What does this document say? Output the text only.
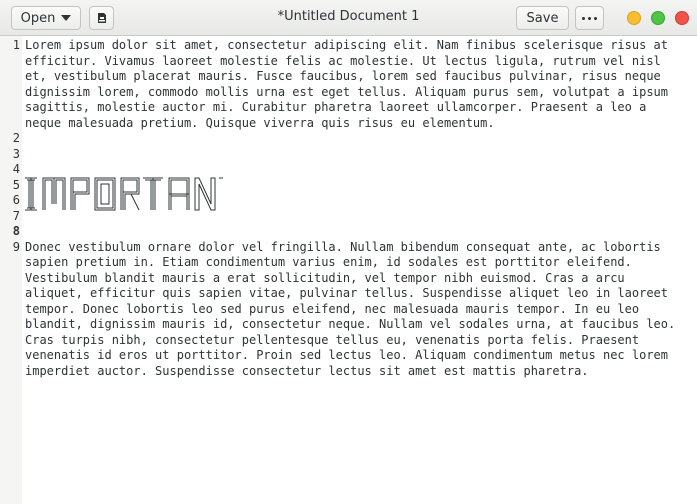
Open	*Untitled Document 1	Save
1 Lorem ipsum dolor sit amet, consectetur adipiscing elit. Nam finibus scelerisque risus at efficitur. Vivamus laoreet molestie felis ac molestie. Ut lectus ligula, rutrum vel nisl et, vestibulum placerat mauris. Fusce faucibus, lorem sed faucibus pulvinar, risus neque dignissim lorem, commodo mollis urna est eget tellus. Aliquam purus sem, volutpat a ipsum sagittis, molestie auctor mi. Curabitur pharetra laoreet ullamcorper. Praesent a leo a neque malesuada pretium. Quisque viverra quis risus eu elementum.
2
3
4
5
6
7
8
9 Donec vestibulum ornare dolor vel fringilla. Nullam bibendum consequat ante, ac lobortis sapien pretium in. Etiam condimentum varius enim, id sodales est porttitor eleifend. Vestibulum blandit mauris a erat sollicitudin, vel tempor nibh euismod. Cras a arcu aliquet, efficitur quis sapien vitae, pulvinar tellus. Suspendisse aliquet leo in laoreet tempor. Donec lobortis leo sed purus eleifend, nec malesuada mauris tempor. In eu leo blandit, dignissim mauris id, consectetur neque. Nullam vel sodales urna, at faucibus leo. Cras turpis nibh, consectetur pellentesque tellus eu, venenatis porta felis. Praesent venenatis id eros ut porttitor. Proin sed lectus leo. Aliquam condimentum metus nec lorem imperdiet auctor. Suspendisse consectetur lectus sit amet est mattis pharetra.
